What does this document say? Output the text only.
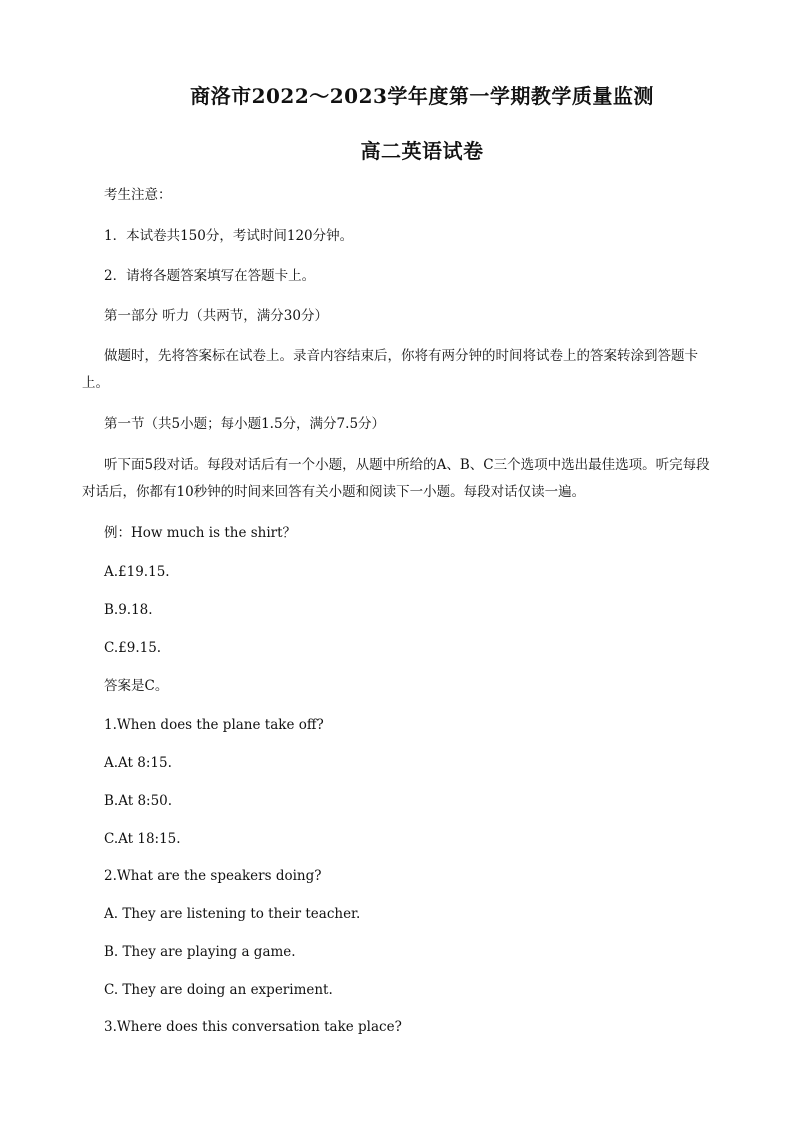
商洛市2022～2023学年度第一学期教学质量监测
高二英语试卷
考生注意：
1．本试卷共150分，考试时间120分钟。
2．请将各题答案填写在答题卡上。
第一部分 听力（共两节，满分30分）
做题时，先将答案标在试卷上。录音内容结束后，你将有两分钟的时间将试卷上的答案转涂到答题卡上。
第一节（共5小题；每小题1.5分，满分7.5分）
听下面5段对话。每段对话后有一个小题，从题中所给的A、B、C三个选项中选出最佳选项。听完每段对话后，你都有10秒钟的时间来回答有关小题和阅读下一小题。每段对话仅读一遍。
例：How much is the shirt？
A.£19.15.
B.9.18.
C.£9.15.
答案是C。
1.When does the plane take off?
A.At 8:15.
B.At 8:50.
C.At 18:15.
2.What are the speakers doing?
A. They are listening to their teacher.
B. They are playing a game.
C. They are doing an experiment.
3.Where does this conversation take place?
